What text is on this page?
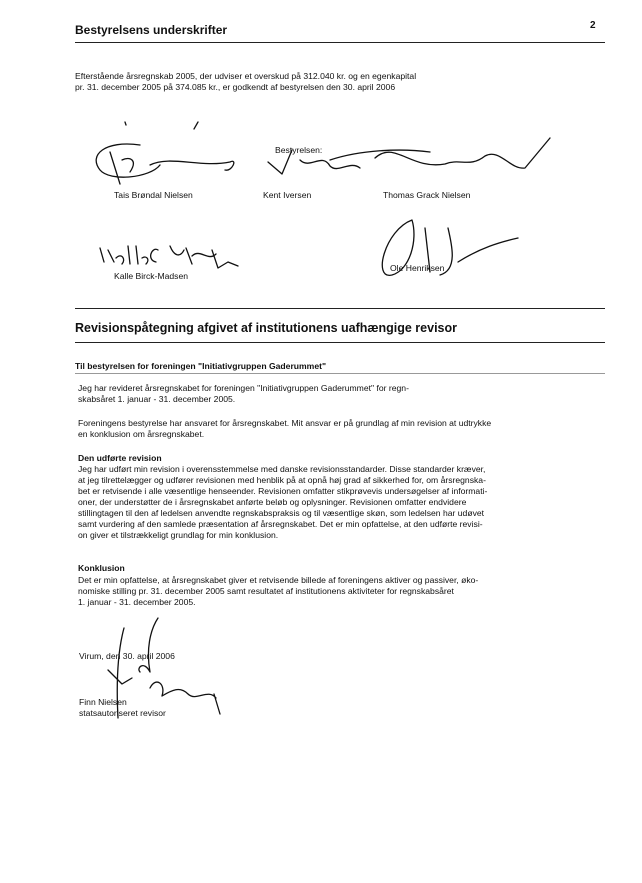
Bestyrelsens underskrifter	2
Efterstående årsregnskab 2005, der udviser et overskud på 312.040 kr. og en egenkapital
pr. 31. december 2005 på 374.085 kr., er godkendt af bestyrelsen den 30. april 2006
Bestyrelsen:
Tais Brøndal Nielsen	Kent Iversen	Thomas Grack Nielsen
Kalle Birck-Madsen
Ole Henriksen
Revisionspåtegning afgivet af institutionens uafhængige revisor
Til bestyrelsen for foreningen "Initiativgruppen Gaderummet"
Jeg har revideret årsregnskabet for foreningen "Initiativgruppen Gaderummet" for regn-
skabsåret 1. januar - 31. december 2005.
Foreningens bestyrelse har ansvaret for årsregnskabet. Mit ansvar er på grundlag af min revision at udtrykke
en konklusion om årsregnskabet.
Den udførte revision
Jeg har udført min revision i overensstemmelse med danske revisionsstandarder. Disse standarder kræver,
at jeg tilrettelægger og udfører revisionen med henblik på at opnå høj grad af sikkerhed for, om årsregnska-
bet er retvisende i alle væsentlige henseender. Revisionen omfatter stikprøvevis undersøgelser af informati-
oner, der understøtter de i årsregnskabet anførte beløb og oplysninger. Revisionen omfatter endvidere
stillingtagen til den af ledelsen anvendte regnskabspraksis og til væsentlige skøn, som ledelsen har udøvet
samt vurdering af den samlede præsentation af årsregnskabet. Det er min opfattelse, at den udførte revisi-
on giver et tilstrækkeligt grundlag for min konklusion.
Konklusion
Det er min opfattelse, at årsregnskabet giver et retvisende billede af foreningens aktiver og passiver, øko-
nomiske stilling pr. 31. december 2005 samt resultatet af institutionens aktiviteter for regnskabsåret
1. januar - 31. december 2005.
Virum, den 30. april 2006
Finn Nielsen
statsautoriseret revisor
